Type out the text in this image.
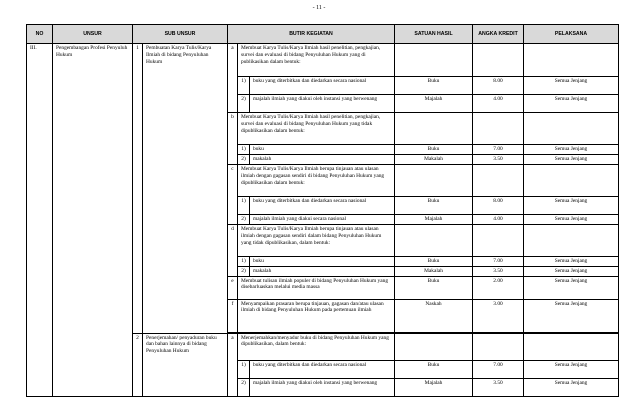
- 11 -
NO	UNSUR	SUB UNSUR		BUTIR KEGIATAN			SATUAN HASIL	ANGKA KREDIT	PELAKSANA
III.	Pengembangan Profesi Penyuluh Hukum	1	Pembuatan Karya Tulis/Karya Ilmiah di bidang Penyuluhan Hukum	a	Membuat Karya Tulis/Karya Ilmiah hasil penelitian, pengkajian, survei dan evaluasi di bidang Penyuluhan Hukum yang di publikasikan dalam bentuk:				
					1)	buku yang diterbitkan dan diedarkan secara nasional	Buku	8.00	Semua Jenjang
					2)	majalah ilmiah yang diakui oleh instansi yang berwenang	Majalah	4.00	Semua Jenjang
				b	Membuat Karya Tulis/Karya Ilmiah hasil penelitian, pengkajian, survei dan evaluasi di bidang Penyuluhan Hukum yang tidak dipublikasikan dalam bentuk:				
					1)	buku	Buku	7.00	Semua Jenjang
					2)	makalah	Makalah	3.50	Semua Jenjang
				c	Membuat Karya Tulis/Karya Ilmiah berupa tinjauan atau ulasan ilmiah dengan gagasan sendiri di bidang Penyuluhan Hukum yang dipublikasikan dalam bentuk:				
					1)	buku yang diterbitkan dan diedarkan secara nasional	Buku	8.00	Semua Jenjang
					2)	majalah ilmiah yang diakui secara nasional	Majalah	4.00	Semua Jenjang
				d	Membuat Karya Tulis/Karya Ilmiah berupa tinjauan atau ulasan ilmiah dengan gagasan sendiri dalam bidang Penyuluhan Hukum yang tidak dipublikasikan, dalam bentuk:				
					1)	buku	Buku	7.00	Semua Jenjang
					2)	makalah	Makalah	3.50	Semua Jenjang
				e	Membuat tulisan ilmiah populer di bidang Penyuluhan Hukum yang disebarluaskan melalui media massa		Buku	2.00	Semua Jenjang
				f	Menyampaikan prasaran berupa tinjauan, gagasan dan/atau ulasan ilmiah di bidang Penyuluhan Hukum pada pertemuan ilmiah		Naskah	3.00	Semua Jenjang

		2	Penerjemahan/ penyaduran buku dan bahan lainnya di bidang Penyuluhan Hukum	a	Menerjemahkan/menyadur buku di bidang Penyuluhan Hukum yang dipublikasikan, dalam bentuk:				
					1)	buku yang diterbitkan dan diedarkan secara nasional	Buku	7.00	Semua Jenjang
					2)	majalah ilmiah yang diakui oleh instansi yang berwenang	Majalah	3.50	Semua Jenjang
